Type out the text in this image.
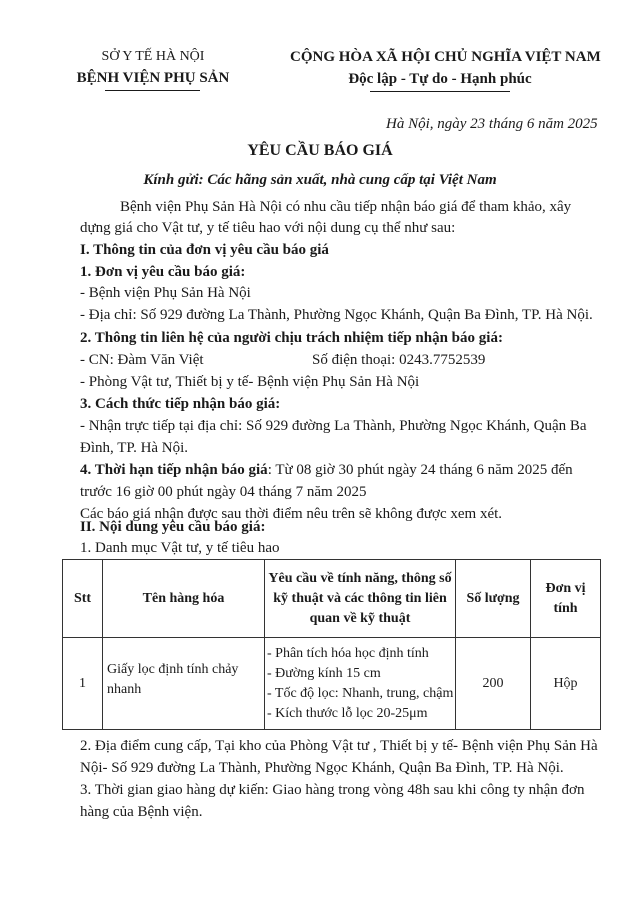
SỞ Y TẾ HÀ NỘI
BỆNH VIỆN PHỤ SẢN
CỘNG HÒA XÃ HỘI CHỦ NGHĨA VIỆT NAM
Độc lập - Tự do - Hạnh phúc
Hà Nội, ngày 23 tháng 6 năm 2025
YÊU CẦU BÁO GIÁ
Kính gửi: Các hãng sản xuất, nhà cung cấp tại Việt Nam
Bệnh viện Phụ Sản Hà Nội có nhu cầu tiếp nhận báo giá để tham khảo, xây
dựng giá cho Vật tư, y tế tiêu hao với nội dung cụ thể như sau:
I. Thông tin của đơn vị yêu cầu báo giá
1. Đơn vị yêu cầu báo giá:
- Bệnh viện Phụ Sản Hà Nội
- Địa chỉ: Số 929 đường La Thành, Phường Ngọc Khánh, Quận Ba Đình, TP. Hà Nội.
2. Thông tin liên hệ của người chịu trách nhiệm tiếp nhận báo giá:
- CN: Đàm Văn Việt	Số điện thoại: 0243.7752539
- Phòng Vật tư, Thiết bị y tế- Bệnh viện Phụ Sản Hà Nội
3. Cách thức tiếp nhận báo giá:
- Nhận trực tiếp tại địa chỉ: Số 929 đường La Thành, Phường Ngọc Khánh, Quận Ba
Đình, TP. Hà Nội.
4. Thời hạn tiếp nhận báo giá: Từ 08 giờ 30 phút ngày 24 tháng 6 năm 2025 đến
trước 16 giờ 00 phút ngày 04 tháng 7 năm 2025
Các báo giá nhận được sau thời điểm nêu trên sẽ không được xem xét.
II. Nội dung yêu cầu báo giá:
1. Danh mục Vật tư, y tế tiêu hao
Stt	Tên hàng hóa	Yêu cầu về tính năng, thông số kỹ thuật và các thông tin liên quan về kỹ thuật	Số lượng	Đơn vị tính
1	Giấy lọc định tính chảy nhanh	- Phân tích hóa học định tính
- Đường kính 15 cm
- Tốc độ lọc: Nhanh, trung, chậm
- Kích thước lỗ lọc 20-25μm	200	Hộp
2. Địa điểm cung cấp, Tại kho của Phòng Vật tư , Thiết bị y tế- Bệnh viện Phụ Sản Hà
Nội- Số 929 đường La Thành, Phường Ngọc Khánh, Quận Ba Đình, TP. Hà Nội.
3. Thời gian giao hàng dự kiến: Giao hàng trong vòng 48h sau khi công ty nhận đơn
hàng của Bệnh viện.
